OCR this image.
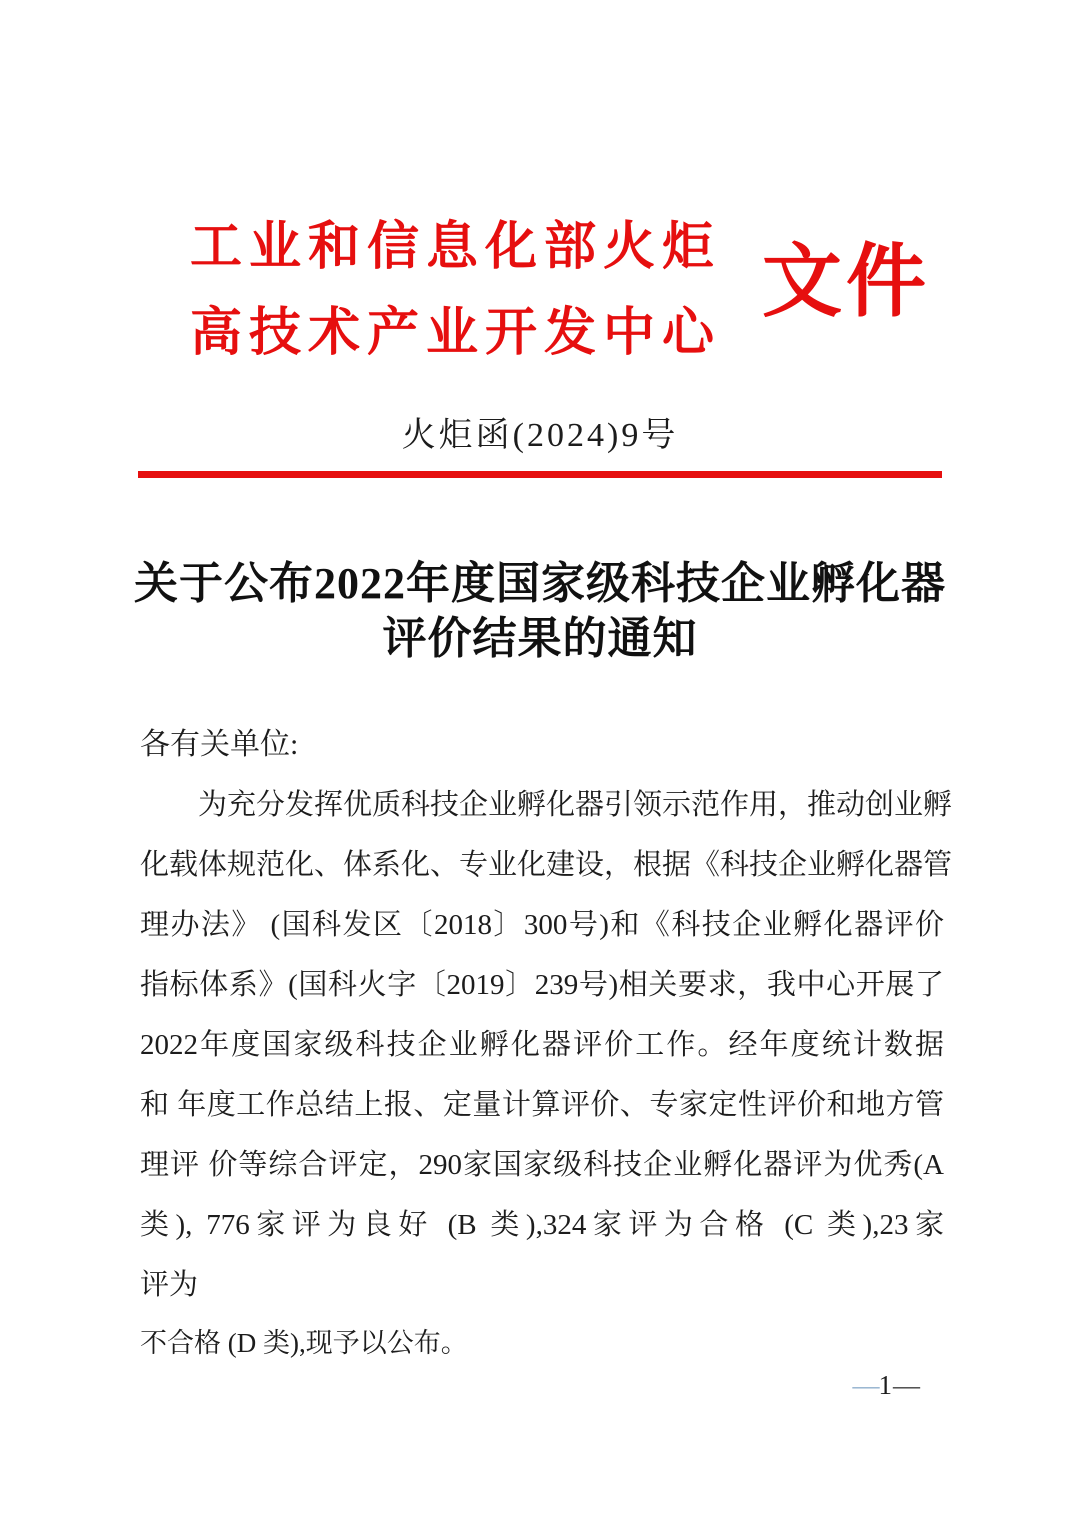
工业和信息化部火炬
高技术产业开发中心
文件
火炬函(2024)9号
关于公布2022年度国家级科技企业孵化器
评价结果的通知
各有关单位:
为充分发挥优质科技企业孵化器引领示范作用，推动创业孵
化载体规范化、体系化、专业化建设，根据《科技企业孵化器管
理办法》 (国科发区〔2018〕300号)和《科技企业孵化器评价
指标体系》(国科火字〔2019〕239号)相关要求，我中心开展了
2022年度国家级科技企业孵化器评价工作。经年度统计数据
和 年度工作总结上报、定量计算评价、专家定性评价和地方管
理评 价等综合评定，290家国家级科技企业孵化器评为优秀(A
类), 776家评为良好 (B 类),324家评为合格 (C 类),23家
评为
不合格 (D 类),现予以公布。
—1—
